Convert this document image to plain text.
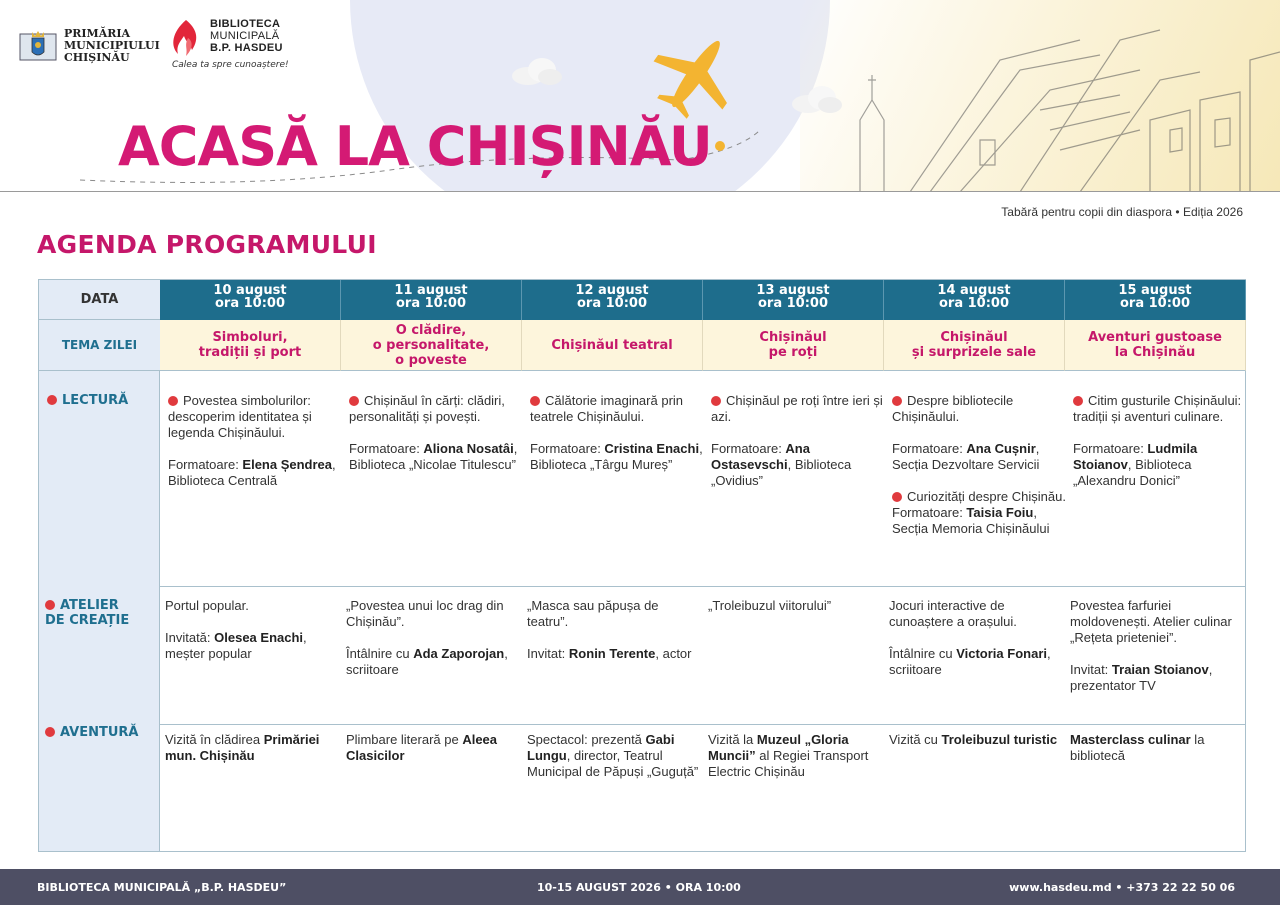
PRIMĂRIA
MUNICIPIULUI
CHIȘINĂU
BIBLIOTECA
MUNICIPALĂ
B.P. HASDEU
Calea ta spre cunoaștere!
ACASĂ LA CHIȘINĂU
Tabără pentru copii din diaspora • Ediția 2026
AGENDA PROGRAMULUI
DATA
TEMA ZILEI
LECTURĂ
ATELIER
DE CREAȚIE
AVENTURĂ
10 august
ora 10:00
Simboluri,
tradiții și port

Povestea simbolurilor: descoperim identitatea și legenda Chișinăului.

Formatoare: Elena Șendrea, Biblioteca Centrală

Portul popular.

Invitată: Olesea Enachi, meșter popular

Vizită în clădirea Primăriei mun. Chișinău

11 august
ora 10:00
O clădire,
o personalitate,
o poveste

Chișinăul în cărți: clădiri, personalități și povești.

Formatoare: Aliona Nosatâi, Biblioteca „Nicolae Titulescu”

„Povestea unui loc drag din Chișinău”.

Întâlnire cu Ada Zaporojan, scriitoare

Plimbare literară pe Aleea Clasicilor

12 august
ora 10:00
Chișinăul teatral

Călătorie imaginară prin teatrele Chișinăului.

Formatoare: Cristina Enachi, Biblioteca „Târgu Mureș”

„Masca sau păpușa de teatru”.

Invitat: Ronin Terente, actor

Spectacol: prezentă Gabi Lungu, director, Teatrul Municipal de Păpuși „Guguță”

13 august
ora 10:00
Chișinăul
pe roți

Chișinăul pe roți între ieri și azi.

Formatoare: Ana Ostasevschi, Biblioteca „Ovidius”

„Troleibuzul viitorului”

Vizită la Muzeul „Gloria Muncii” al Regiei Transport Electric Chișinău

14 august
ora 10:00
Chișinăul
și surprizele sale

Despre bibliotecile Chișinăului.

Formatoare: Ana Cușnir, Secția Dezvoltare Servicii

Curiozități despre Chișinău.

Formatoare: Taisia Foiu, Secția Memoria Chișinăului

Jocuri interactive de cunoaștere a orașului.

Întâlnire cu Victoria Fonari, scriitoare

Vizită cu Troleibuzul turistic

15 august
ora 10:00
Aventuri gustoase
la Chișinău

Citim gusturile Chișinăului: tradiții și aventuri culinare.

Formatoare: Ludmila Stoianov, Biblioteca „Alexandru Donici”

Povestea farfuriei moldovenești. Atelier culinar „Rețeta prieteniei”.

Invitat: Traian Stoianov, prezentator TV

Masterclass culinar la bibliotecă

BIBLIOTECA MUNICIPALĂ „B.P. HASDEU”	10-15 AUGUST 2026 • ORA 10:00	www.hasdeu.md • +373 22 22 50 06
